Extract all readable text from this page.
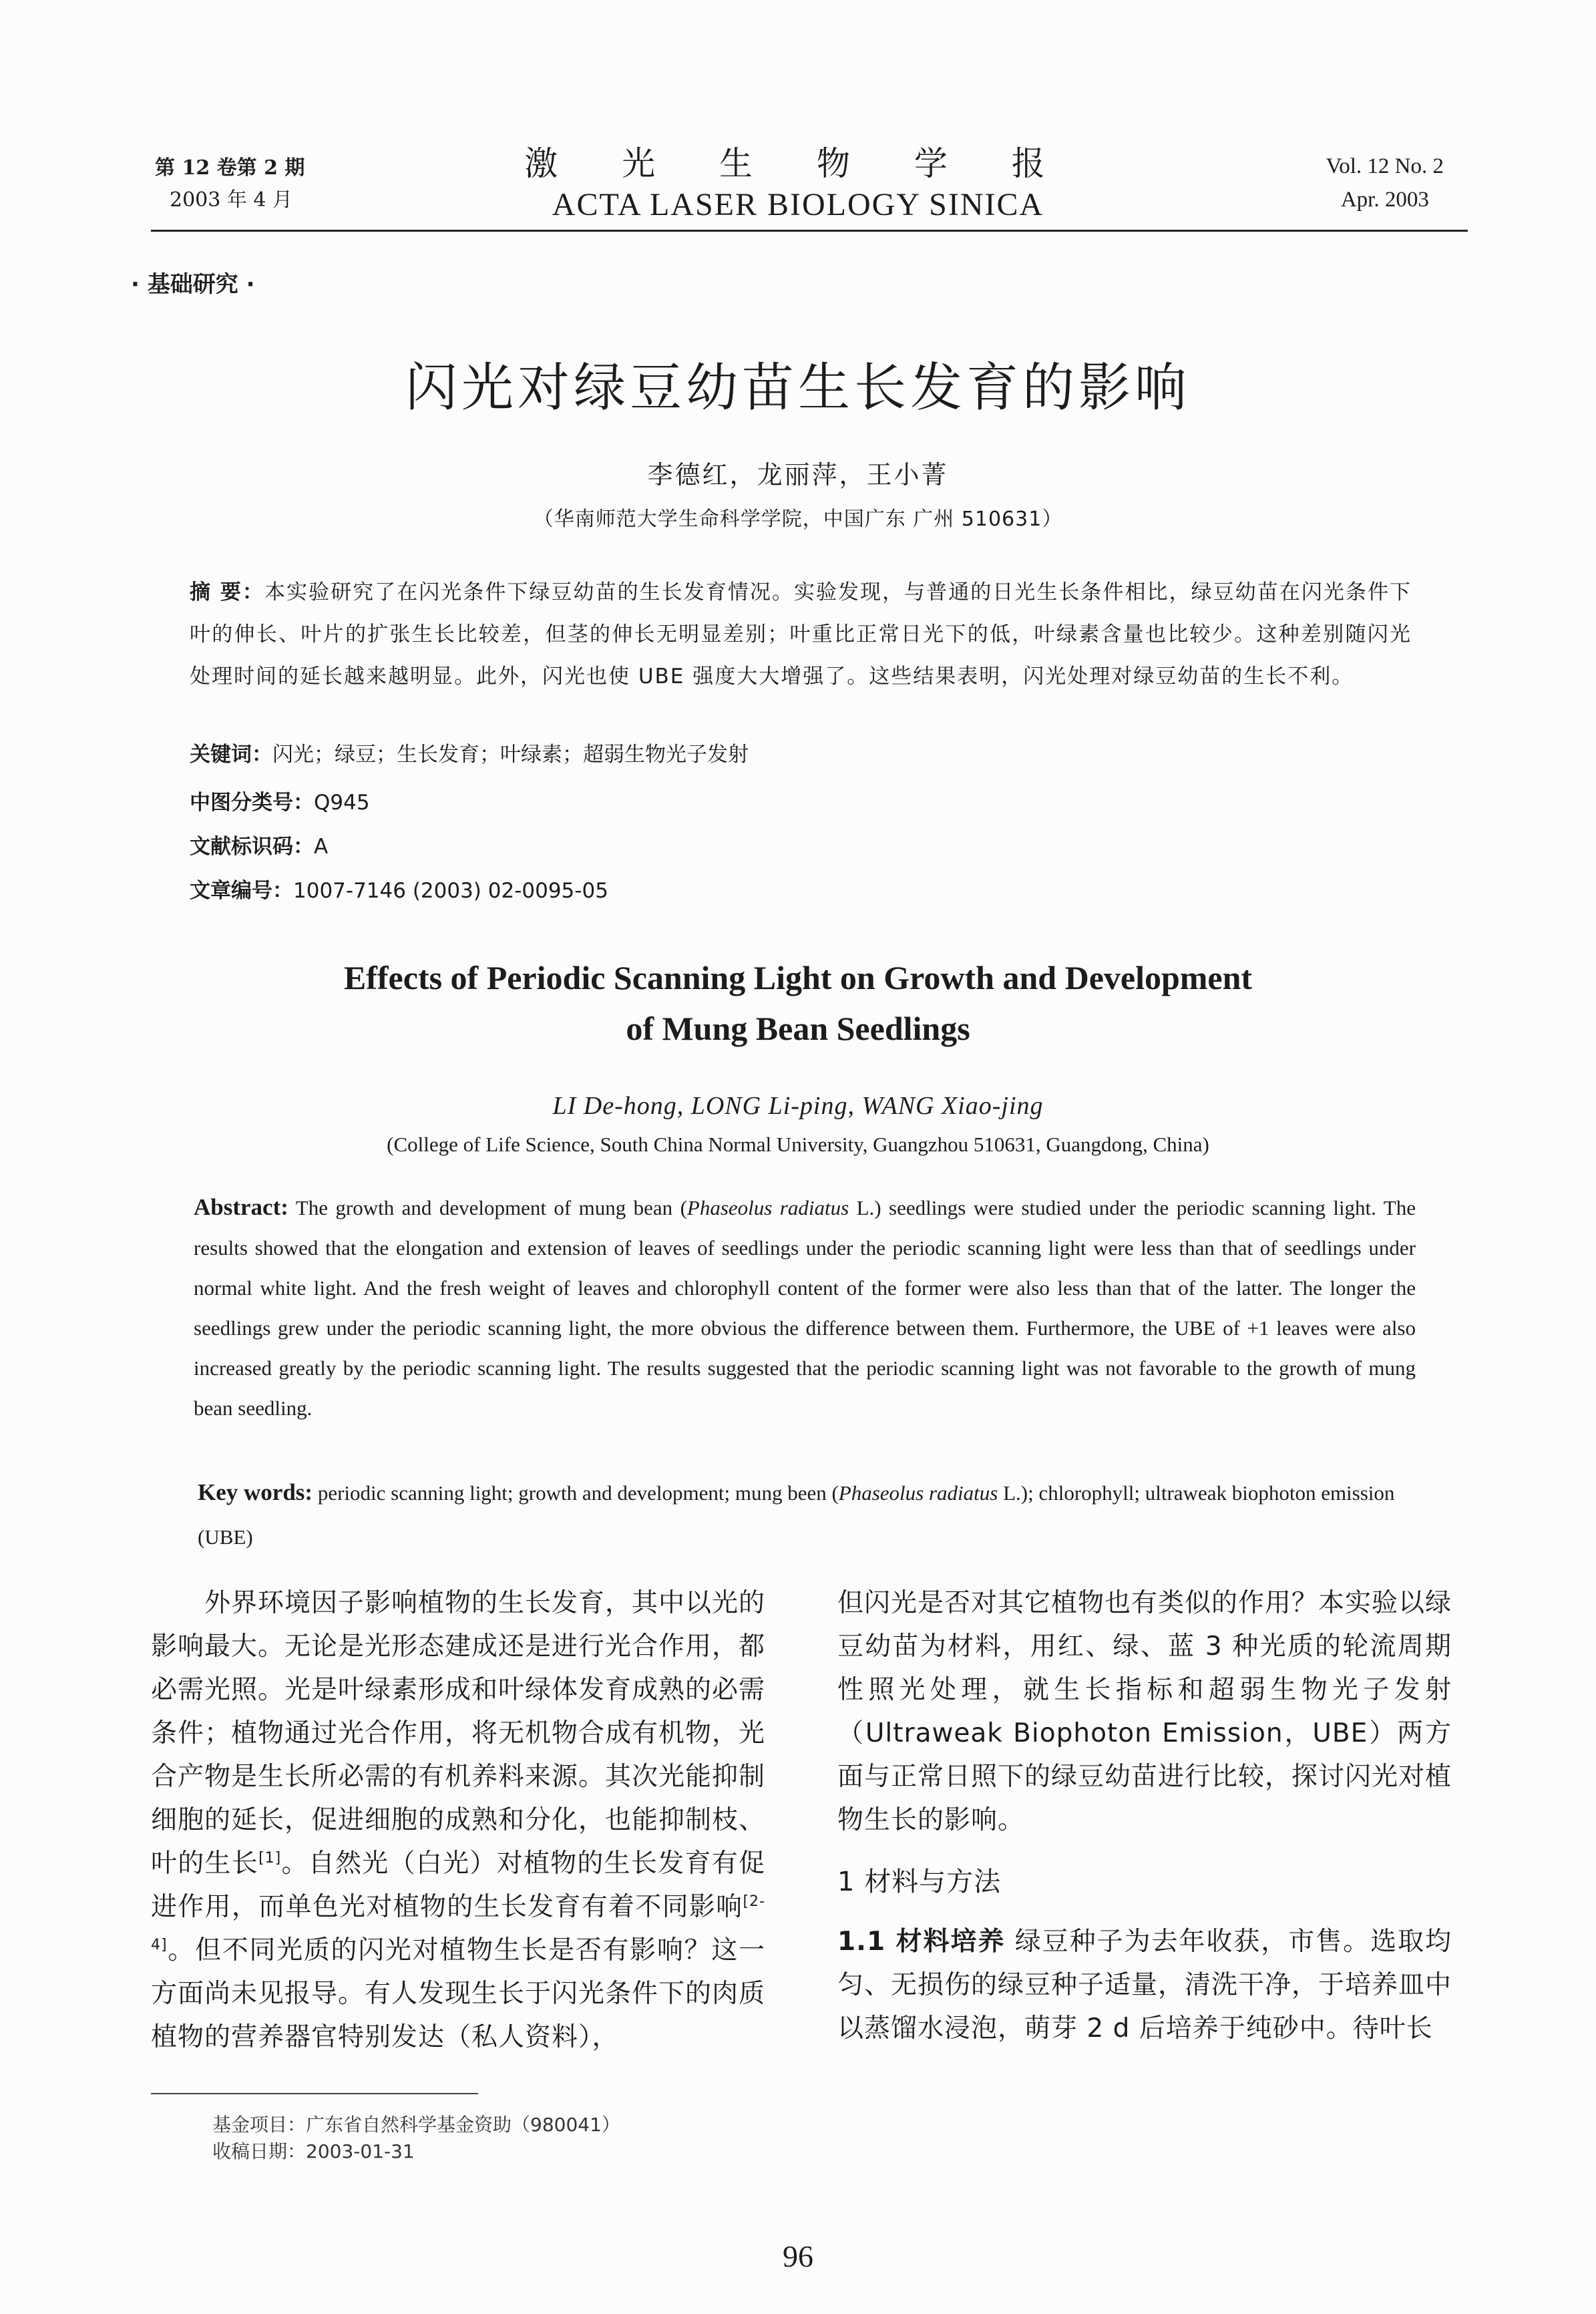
第 12 卷第 2 期
2003 年 4 月
激 光 生 物 学 报
ACTA LASER BIOLOGY SINICA
Vol. 12 No. 2
Apr. 2003
· 基础研究 ·
闪光对绿豆幼苗生长发育的影响
李德红，龙丽萍，王小菁
（华南师范大学生命科学学院，中国广东 广州 510631）
摘 要：本实验研究了在闪光条件下绿豆幼苗的生长发育情况。实验发现，与普通的日光生长条件相比，绿豆幼苗在闪光条件下叶的伸长、叶片的扩张生长比较差，但茎的伸长无明显差别；叶重比正常日光下的低，叶绿素含量也比较少。这种差别随闪光处理时间的延长越来越明显。此外，闪光也使 UBE 强度大大增强了。这些结果表明，闪光处理对绿豆幼苗的生长不利。
关键词：闪光；绿豆；生长发育；叶绿素；超弱生物光子发射
中图分类号：Q945
文献标识码：A
文章编号：1007-7146 (2003) 02-0095-05
Effects of Periodic Scanning Light on Growth and Development
of Mung Bean Seedlings
LI De-hong, LONG Li-ping, WANG Xiao-jing
(College of Life Science, South China Normal University, Guangzhou 510631, Guangdong, China)
Abstract: The growth and development of mung bean (Phaseolus radiatus L.) seedlings were studied under the periodic scanning light. The results showed that the elongation and extension of leaves of seedlings under the periodic scanning light were less than that of seedlings under normal white light. And the fresh weight of leaves and chlorophyll content of the former were also less than that of the latter. The longer the seedlings grew under the periodic scanning light, the more obvious the difference between them. Furthermore, the UBE of +1 leaves were also increased greatly by the periodic scanning light. The results suggested that the periodic scanning light was not favorable to the growth of mung bean seedling.
Key words: periodic scanning light; growth and development; mung been (Phaseolus radiatus L.); chlorophyll; ultraweak biophoton emission (UBE)

外界环境因子影响植物的生长发育，其中以光的影响最大。无论是光形态建成还是进行光合作用，都必需光照。光是叶绿素形成和叶绿体发育成熟的必需条件；植物通过光合作用，将无机物合成有机物，光合产物是生长所必需的有机养料来源。其次光能抑制细胞的延长，促进细胞的成熟和分化，也能抑制枝、叶的生长[1]。自然光（白光）对植物的生长发育有促进作用，而单色光对植物的生长发育有着不同影响[2-4]。但不同光质的闪光对植物生长是否有影响？这一方面尚未见报导。有人发现生长于闪光条件下的肉质植物的营养器官特别发达（私人资料），

但闪光是否对其它植物也有类似的作用？本实验以绿豆幼苗为材料，用红、绿、蓝 3 种光质的轮流周期性照光处理，就生长指标和超弱生物光子发射（Ultraweak Biophoton Emission，UBE）两方面与正常日照下的绿豆幼苗进行比较，探讨闪光对植物生长的影响。

1 材料与方法

1.1 材料培养 绿豆种子为去年收获，市售。选取均匀、无损伤的绿豆种子适量，清洗干净，于培养皿中以蒸馏水浸泡，萌芽 2 d 后培养于纯砂中。待叶长

基金项目：广东省自然科学基金资助（980041）
收稿日期：2003-01-31
96
